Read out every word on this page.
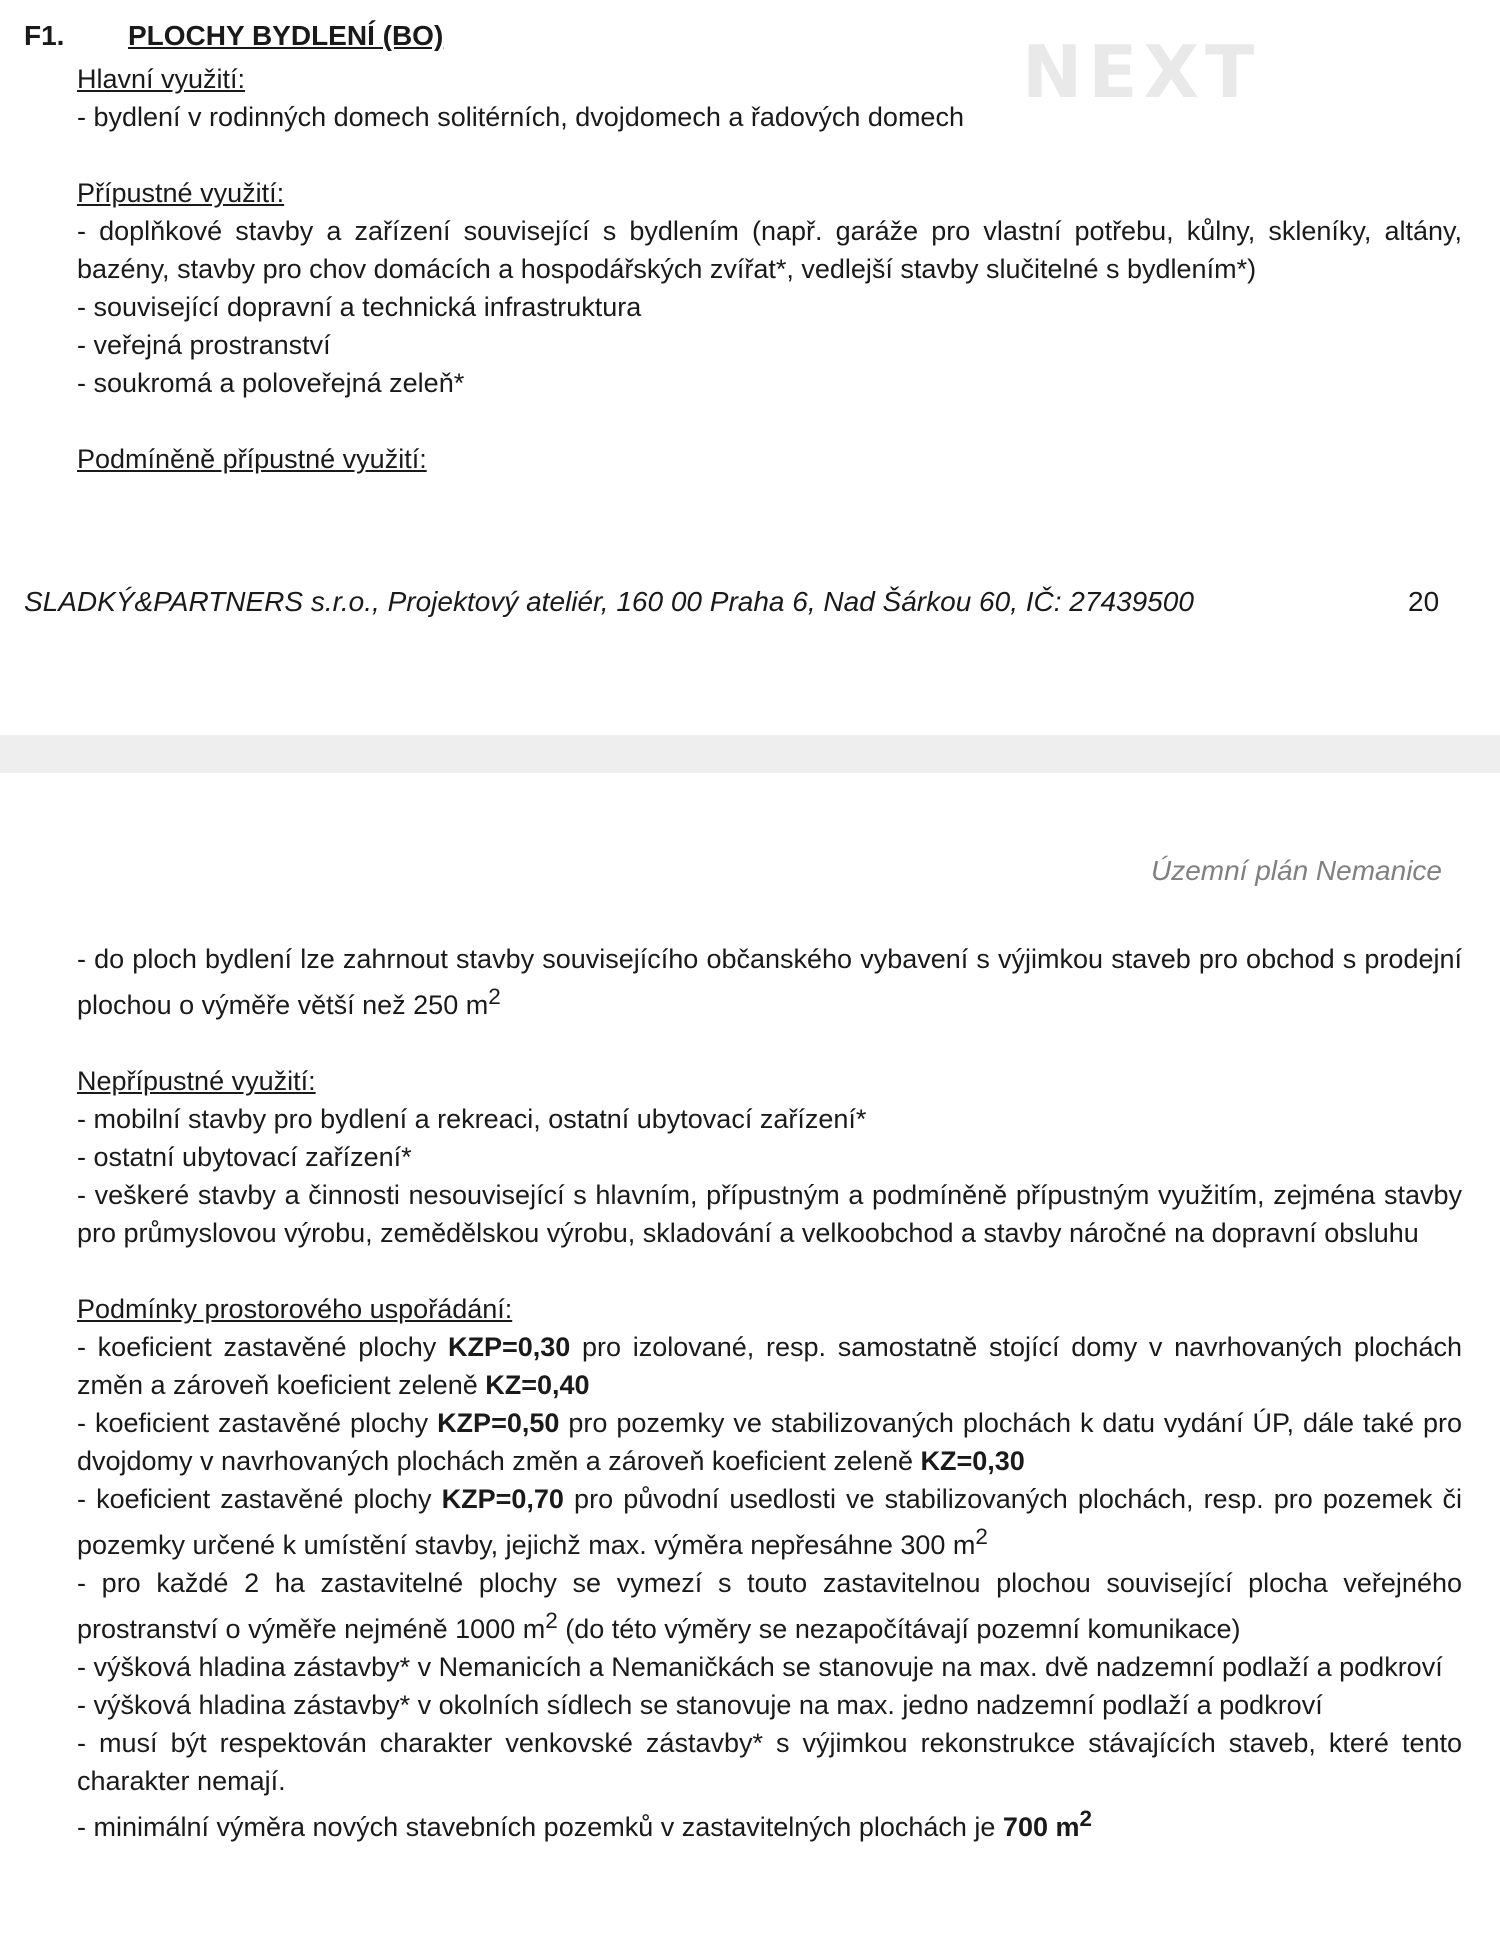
F1. PLOCHY BYDLENÍ (BO)	NEXT
Hlavní využití:

- bydlení v rodinných domech solitérních, dvojdomech a řadových domech

Přípustné využití:

- doplňkové stavby a zařízení související s bydlením (např. garáže pro vlastní potřebu, kůlny, skleníky, altány, bazény, stavby pro chov domácích a hospodářských zvířat*, vedlejší stavby slučitelné s bydlením*)

- související dopravní a technická infrastruktura

- veřejná prostranství

- soukromá a poloveřejná zeleň*

Podmíněně přípustné využití:
SLADKÝ&PARTNERS s.r.o., Projektový ateliér, 160 00 Praha 6, Nad Šárkou 60, IČ: 27439500	20
Územní plán Nemanice

- do ploch bydlení lze zahrnout stavby souvisejícího občanského vybavení s výjimkou staveb pro obchod s prodejní plochou o výměře větší než 250 $m^2$

Nepřípustné využití:

- mobilní stavby pro bydlení a rekreaci, ostatní ubytovací zařízení*

- ostatní ubytovací zařízení*

- veškeré stavby a činnosti nesouvisející s hlavním, přípustným a podmíněně přípustným využitím, zejména stavby pro průmyslovou výrobu, zemědělskou výrobu, skladování a velkoobchod a stavby náročné na dopravní obsluhu

Podmínky prostorového uspořádání:

- koeficient zastavěné plochy KZP=0,30 pro izolované, resp. samostatně stojící domy v navrhovaných plochách změn a zároveň koeficient zeleně KZ=0,40

- koeficient zastavěné plochy KZP=0,50 pro pozemky ve stabilizovaných plochách k datu vydání ÚP, dále také pro dvojdomy v navrhovaných plochách změn a zároveň koeficient zeleně KZ=0,30

- koeficient zastavěné plochy KZP=0,70 pro původní usedlosti ve stabilizovaných plochách, resp. pro pozemek či pozemky určené k umístění stavby, jejichž max. výměra nepřesáhne 300 $m^2$

- pro každé 2 ha zastavitelné plochy se vymezí s touto zastavitelnou plochou související plocha veřejného prostranství o výměře nejméně 1000 $m^2$ (do této výměry se nezapočítávají pozemní komunikace)

- výšková hladina zástavby* v Nemanicích a Nemaničkách se stanovuje na max. dvě nadzemní podlaží a podkroví

- výšková hladina zástavby* v okolních sídlech se stanovuje na max. jedno nadzemní podlaží a podkroví

- musí být respektován charakter venkovské zástavby* s výjimkou rekonstrukce stávajících staveb, které tento charakter nemají.

- minimální výměra nových stavebních pozemků v zastavitelných plochách je 700 $m^2$
